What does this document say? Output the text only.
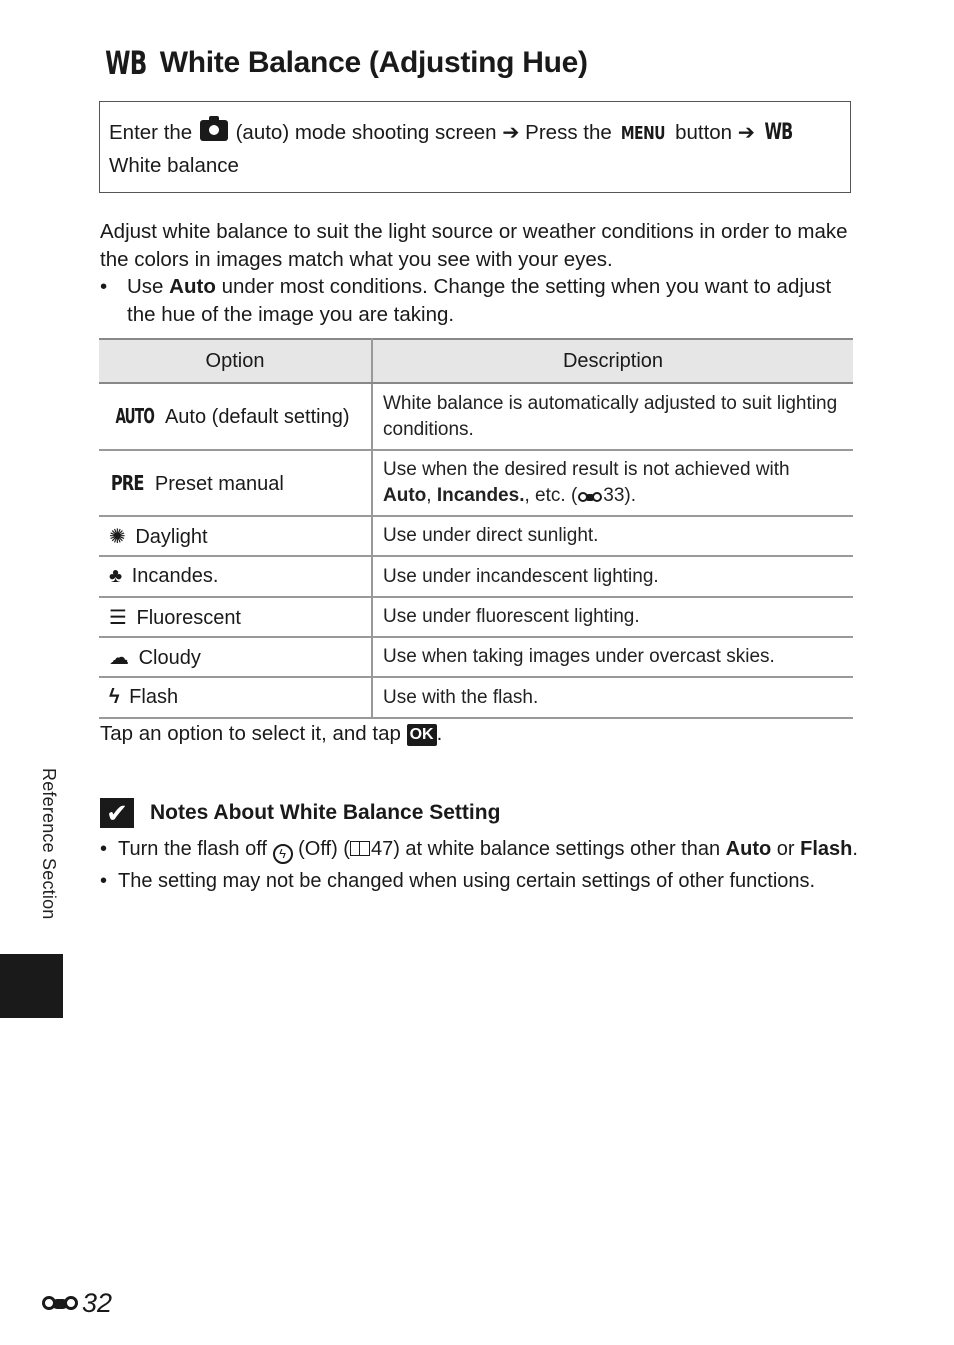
WB White Balance (Adjusting Hue)
Enter the (auto) mode shooting screen ➔ Press the MENU button ➔ WB
White balance
Adjust white balance to suit the light source or weather conditions in order to make the colors in images match what you see with your eyes.
• Use Auto under most conditions. Change the setting when you want to adjust the hue of the image you are taking.
Option	Description
AUTO Auto (default setting)	White balance is automatically adjusted to suit lighting conditions.
PRE Preset manual	Use when the desired result is not achieved with
Auto, Incandes., etc. ( 33).
✺ Daylight	Use under direct sunlight.
♣ Incandes.	Use under incandescent lighting.
☰ Fluorescent	Use under fluorescent lighting.
☁ Cloudy	Use when taking images under overcast skies.
ϟ Flash	Use with the flash.
Tap an option to select it, and tap OK .
✔ Notes About White Balance Setting
• Turn the flash off ϟ (Off) ( 47) at white balance settings other than Auto or Flash.
• The setting may not be changed when using certain settings of other functions.
Reference Section
32
